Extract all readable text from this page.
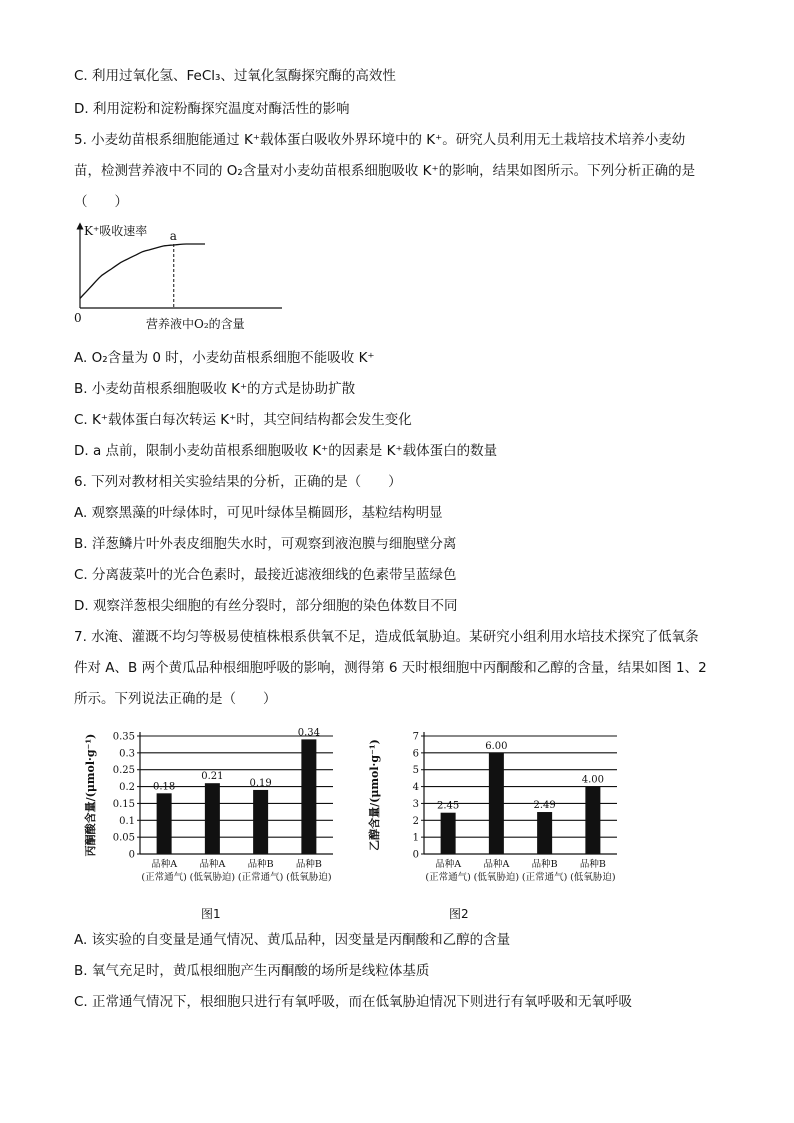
C. 利用过氧化氢、FeCl₃、过氧化氢酶探究酶的高效性
D. 利用淀粉和淀粉酶探究温度对酶活性的影响
5. 小麦幼苗根系细胞能通过 K⁺载体蛋白吸收外界环境中的 K⁺。研究人员利用无土栽培技术培养小麦幼
苗，检测营养液中不同的 O₂含量对小麦幼苗根系细胞吸收 K⁺的影响，结果如图所示。下列分析正确的是
（　　）
K⁺吸收速率
0	营养液中O₂的含量
a
A. O₂含量为 0 时，小麦幼苗根系细胞不能吸收 K⁺
B. 小麦幼苗根系细胞吸收 K⁺的方式是协助扩散
C. K⁺载体蛋白每次转运 K⁺时，其空间结构都会发生变化
D. a 点前，限制小麦幼苗根系细胞吸收 K⁺的因素是 K⁺载体蛋白的数量
6. 下列对教材相关实验结果的分析，正确的是（　　）
A. 观察黑藻的叶绿体时，可见叶绿体呈椭圆形，基粒结构明显
B. 洋葱鳞片叶外表皮细胞失水时，可观察到液泡膜与细胞壁分离
C. 分离菠菜叶的光合色素时，最接近滤液细线的色素带呈蓝绿色
D. 观察洋葱根尖细胞的有丝分裂时，部分细胞的染色体数目不同
7. 水淹、灌溉不均匀等极易使植株根系供氧不足，造成低氧胁迫。某研究小组利用水培技术探究了低氧条
件对 A、B 两个黄瓜品种根细胞呼吸的影响，测得第 6 天时根细胞中丙酮酸和乙醇的含量，结果如图 1、2
所示。下列说法正确的是（　　）
0
0.05
0.1
0.15
0.2
0.25
0.3
0.35
丙酮酸含量/(μmol·g⁻¹)	0.18
品种A
(正常通气)
0.21
品种A
(低氧胁迫)
0.19
品种B
(正常通气)
0.34
品种B
(低氧胁迫)
0
1
2
3
4
5
6
7
乙醇含量/(μmol·g⁻¹)	2.45
品种A
(正常通气)
6.00
品种A
(低氧胁迫)
2.49
品种B
(正常通气)
4.00
品种B
(低氧胁迫)
图1	图2
A. 该实验的自变量是通气情况、黄瓜品种，因变量是丙酮酸和乙醇的含量
B. 氧气充足时，黄瓜根细胞产生丙酮酸的场所是线粒体基质
C. 正常通气情况下，根细胞只进行有氧呼吸，而在低氧胁迫情况下则进行有氧呼吸和无氧呼吸
